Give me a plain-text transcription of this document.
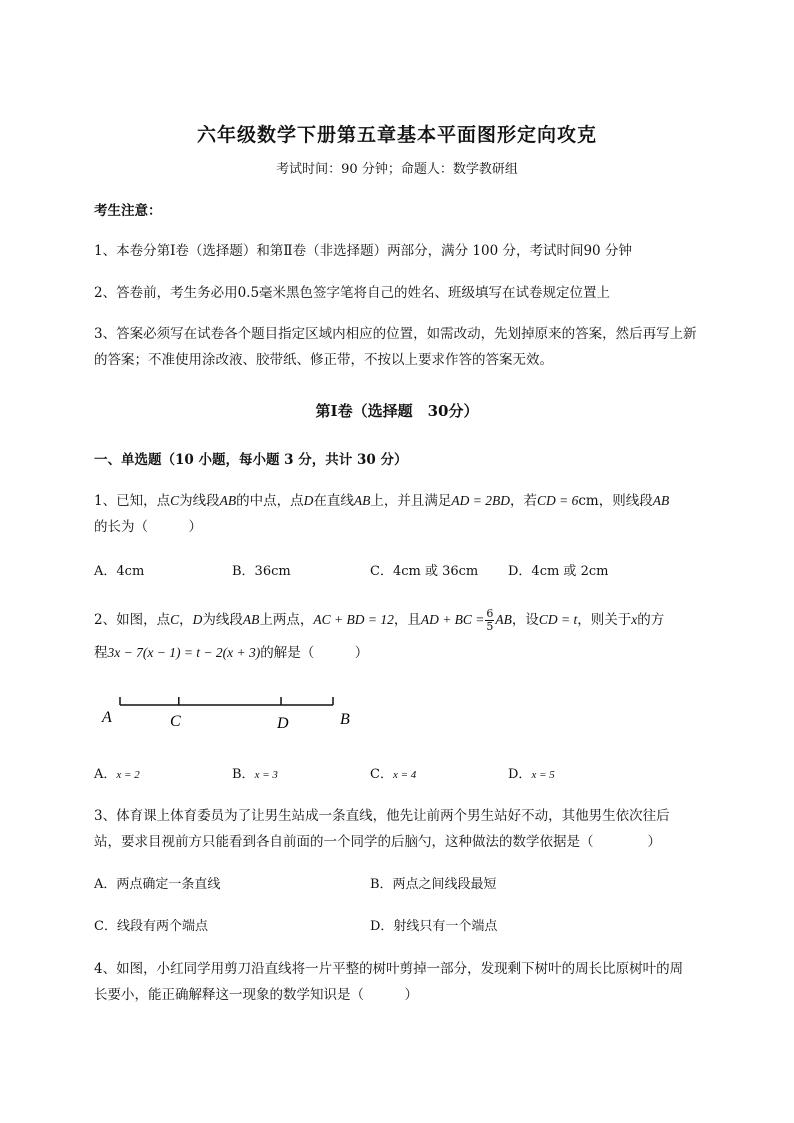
六年级数学下册第五章基本平面图形定向攻克
考试时间：90 分钟；命题人：数学教研组
考生注意：
1、本卷分第Ⅰ卷（选择题）和第Ⅱ卷（非选择题）两部分，满分 100 分，考试时间90 分钟
2、答卷前，考生务必用0.5毫米黑色签字笔将自己的姓名、班级填写在试卷规定位置上
3、答案必须写在试卷各个题目指定区域内相应的位置，如需改动，先划掉原来的答案，然后再写上新
的答案；不准使用涂改液、胶带纸、修正带，不按以上要求作答的答案无效。
第Ⅰ卷（选择题　30分）
一、单选题（10 小题，每小题 3 分，共计 30 分）
1、已知，点C为线段AB的中点，点D在直线AB上，并且满足AD = 2BD，若CD = 6cm，则线段AB
的长为（　　　）
A．4cm	B．36cm	C．4cm 或 36cm D．4cm 或 2cm
2、如图，点C，D为线段AB上两点，AC + BD = 12，且AD + BC = $\frac{6}{5}$ AB，设CD = t，则关于x的方
程3x − 7(x − 1) = t − 2(x + 3)的解是（　　　）
A	C	D	B
A．x = 2	B．x = 3	C．x = 4	D．x = 5
3、体育课上体育委员为了让男生站成一条直线，他先让前两个男生站好不动，其他男生依次往后
站，要求目视前方只能看到各自前面的一个同学的后脑勺，这种做法的数学依据是（　　　　）
A．两点确定一条直线	B．两点之间线段最短
C．线段有两个端点	D．射线只有一个端点
4、如图，小红同学用剪刀沿直线将一片平整的树叶剪掉一部分，发现剩下树叶的周长比原树叶的周
长要小，能正确解释这一现象的数学知识是（　　　）
